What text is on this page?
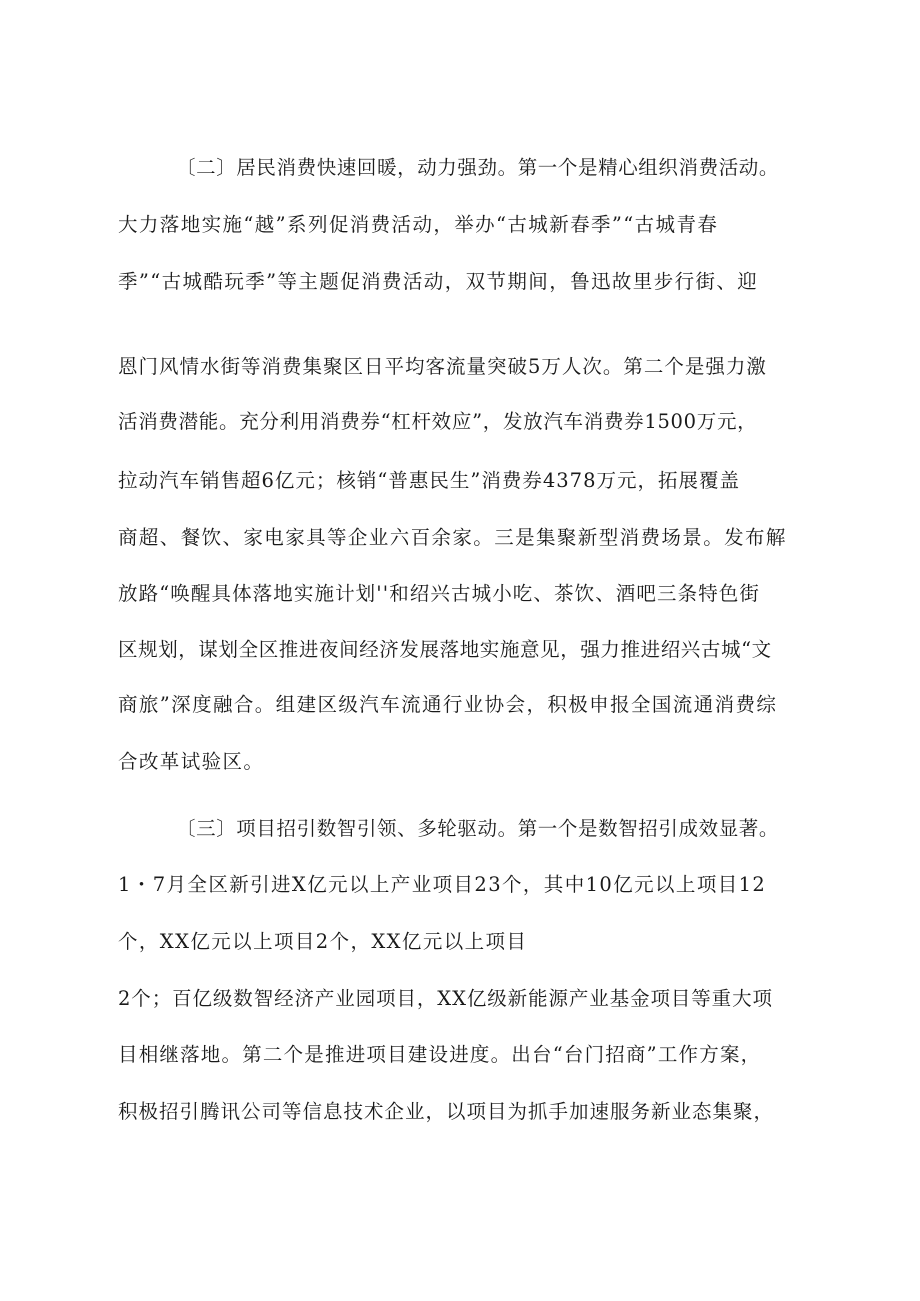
〔二〕居民消费快速回暖，动力强劲。第一个是精心组织消费活动。

大力落地实施“越”系列促消费活动，举办“古城新春季”“古城青春

季”“古城酷玩季”等主题促消费活动，双节期间，鲁迅故里步行街、迎

恩门风情水街等消费集聚区日平均客流量突破5万人次。第二个是强力激

活消费潜能。充分利用消费券“杠杆效应”，发放汽车消费券1500万元，

拉动汽车销售超6亿元；核销“普惠民生”消费券4378万元，拓展覆盖

商超、餐饮、家电家具等企业六百余家。三是集聚新型消费场景。发布解

放路“唤醒具体落地实施计划''和绍兴古城小吃、茶饮、酒吧三条特色街

区规划，谋划全区推进夜间经济发展落地实施意见，强力推进绍兴古城“文

商旅”深度融合。组建区级汽车流通行业协会，积极申报全国流通消费综

合改革试验区。

〔三〕项目招引数智引领、多轮驱动。第一个是数智招引成效显著。

1・7月全区新引进X亿元以上产业项目23个，其中10亿元以上项目12

个，XX亿元以上项目2个，XX亿元以上项目

2个；百亿级数智经济产业园项目，XX亿级新能源产业基金项目等重大项

目相继落地。第二个是推进项目建设进度。出台“台门招商”工作方案，

积极招引腾讯公司等信息技术企业，以项目为抓手加速服务新业态集聚，
